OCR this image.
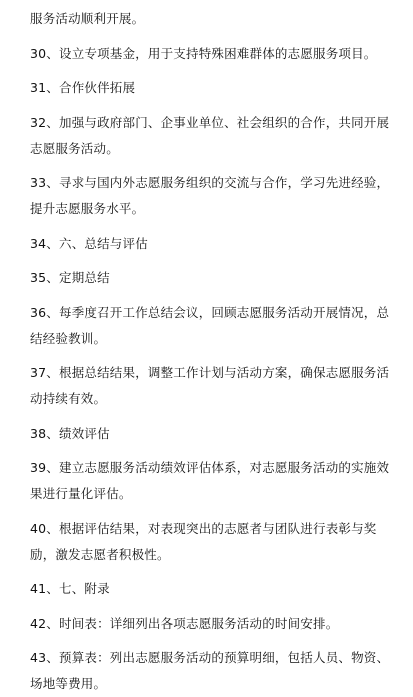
服务活动顺利开展。

30、设立专项基金，用于支持特殊困难群体的志愿服务项目。

31、合作伙伴拓展

32、加强与政府部门、企事业单位、社会组织的合作，共同开展志愿服务活动。

33、寻求与国内外志愿服务组织的交流与合作，学习先进经验，提升志愿服务水平。

34、六、总结与评估

35、定期总结

36、每季度召开工作总结会议，回顾志愿服务活动开展情况，总结经验教训。

37、根据总结结果，调整工作计划与活动方案，确保志愿服务活动持续有效。

38、绩效评估

39、建立志愿服务活动绩效评估体系，对志愿服务活动的实施效果进行量化评估。

40、根据评估结果，对表现突出的志愿者与团队进行表彰与奖励，激发志愿者积极性。

41、七、附录

42、时间表：详细列出各项志愿服务活动的时间安排。

43、预算表：列出志愿服务活动的预算明细，包括人员、物资、场地等费用。
